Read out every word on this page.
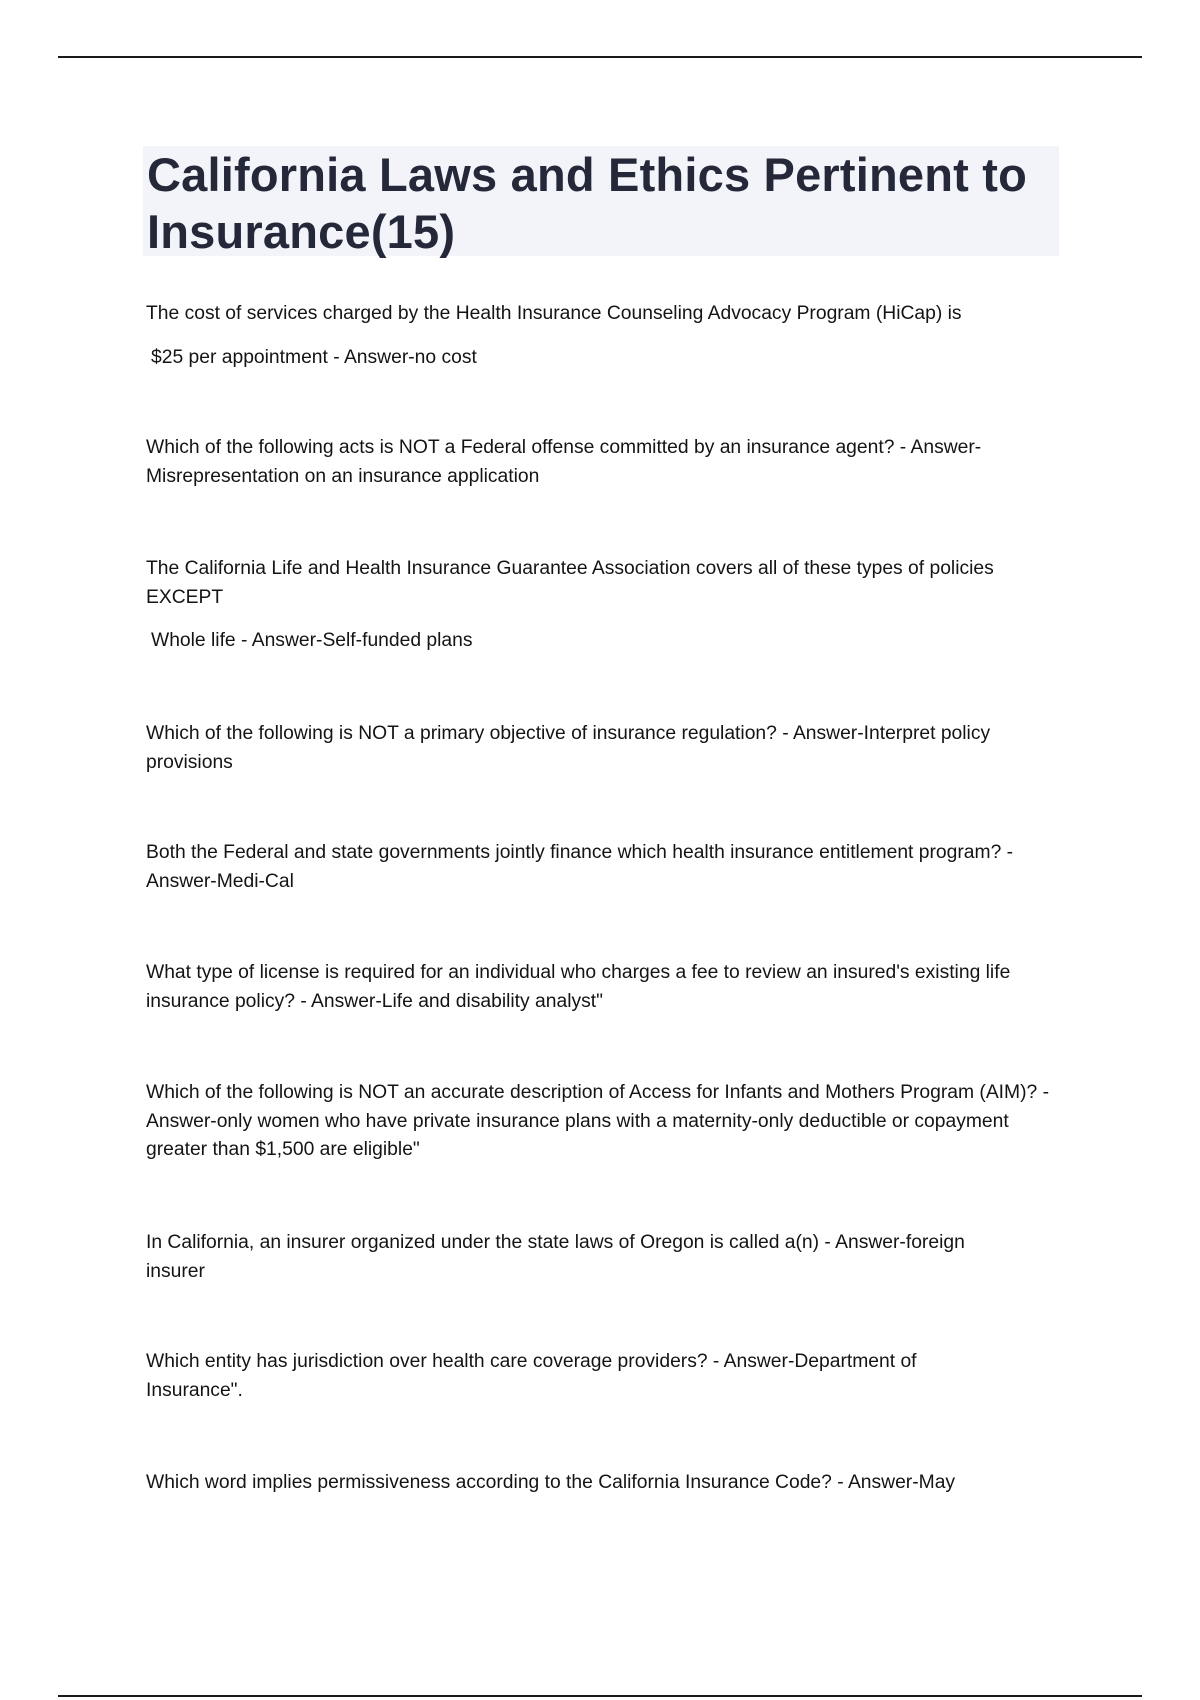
California Laws and Ethics Pertinent to Insurance(15)

The cost of services charged by the Health Insurance Counseling Advocacy Program (HiCap) is

$25 per appointment - Answer-no cost

Which of the following acts is NOT a Federal offense committed by an insurance agent? - Answer-Misrepresentation on an insurance application

The California Life and Health Insurance Guarantee Association covers all of these types of policies EXCEPT

Whole life - Answer-Self-funded plans

Which of the following is NOT a primary objective of insurance regulation? - Answer-Interpret policy provisions

Both the Federal and state governments jointly finance which health insurance entitlement program? - Answer-Medi-Cal

What type of license is required for an individual who charges a fee to review an insured's existing life insurance policy? - Answer-Life and disability analyst"

Which of the following is NOT an accurate description of Access for Infants and Mothers Program (AIM)? - Answer-only women who have private insurance plans with a maternity-only deductible or copayment greater than $1,500 are eligible"

In California, an insurer organized under the state laws of Oregon is called a(n) - Answer-foreign insurer

Which entity has jurisdiction over health care coverage providers? - Answer-Department of Insurance".

Which word implies permissiveness according to the California Insurance Code? - Answer-May
